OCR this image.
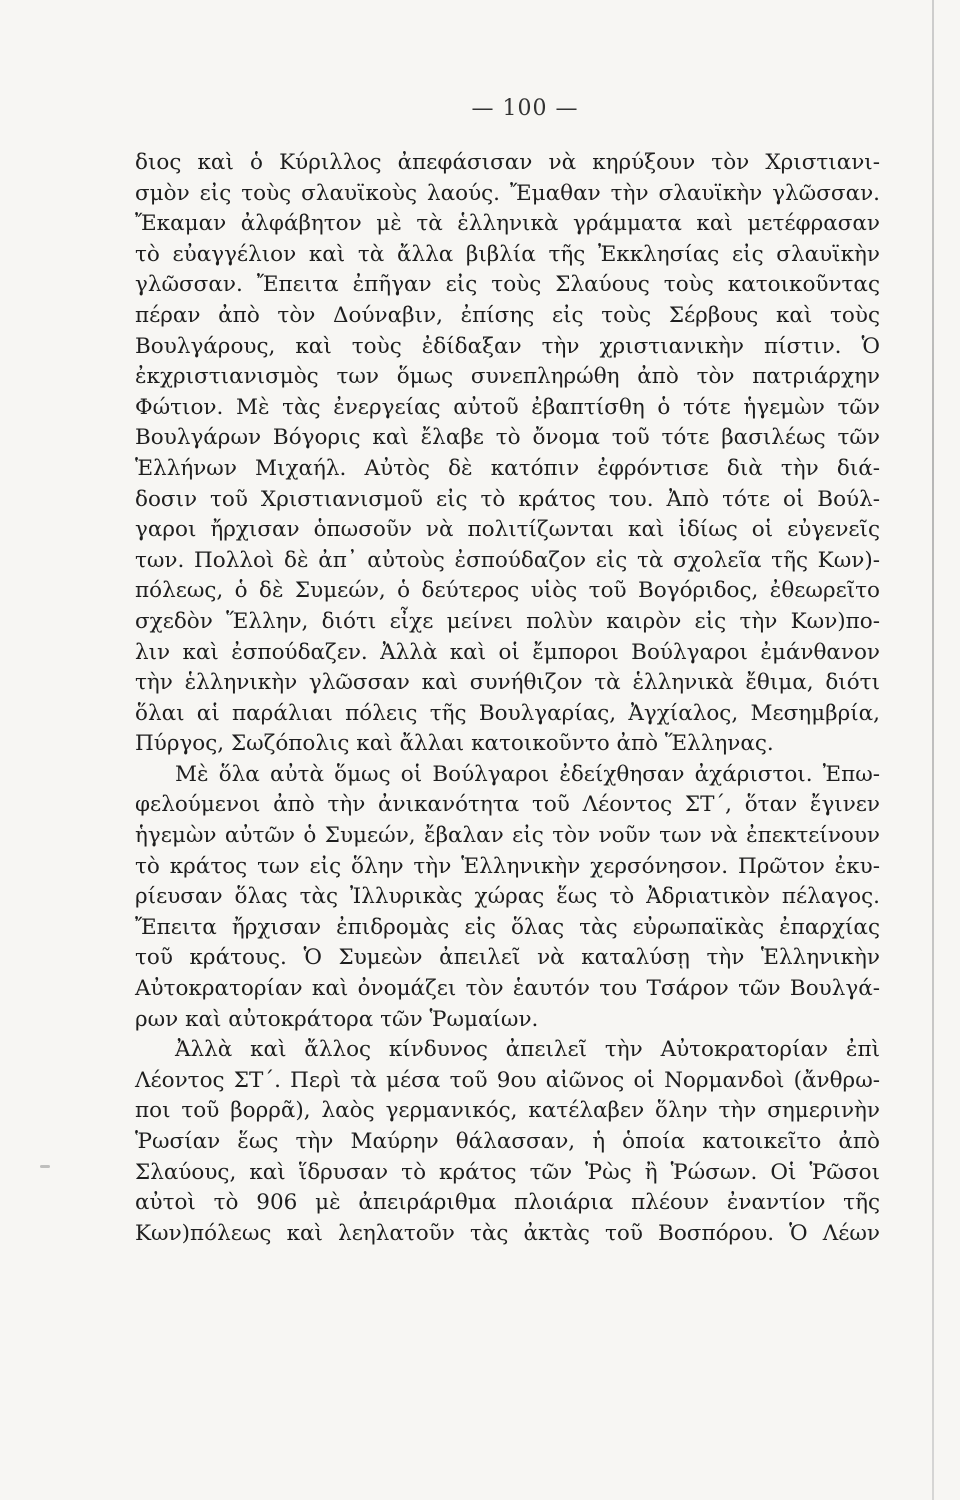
— 100 —
διος καὶ ὁ Κύριλλος ἀπεφάσισαν νὰ κηρύξουν τὸν Χριστιανι-
σμὸν εἰς τοὺς σλαυϊκοὺς λαούς. Ἔμαθαν τὴν σλαυϊκὴν γλῶσσαν.
Ἔκαμαν ἀλφάβητον μὲ τὰ ἑλληνικὰ γράμματα καὶ μετέφρασαν
τὸ εὐαγγέλιον καὶ τὰ ἄλλα βιβλία τῆς Ἐκκλησίας εἰς σλαυϊκὴν
γλῶσσαν. Ἔπειτα ἐπῆγαν εἰς τοὺς Σλαύους τοὺς κατοικοῦντας
πέραν ἀπὸ τὸν Δούναβιν, ἐπίσης εἰς τοὺς Σέρβους καὶ τοὺς
Βουλγάρους, καὶ τοὺς ἐδίδαξαν τὴν χριστιανικὴν πίστιν. Ὁ
ἐκχριστιανισμὸς των ὅμως συνεπληρώθη ἀπὸ τὸν πατριάρχην
Φώτιον. Μὲ τὰς ἐνεργείας αὐτοῦ ἐβαπτίσθη ὁ τότε ἡγεμὼν τῶν
Βουλγάρων Βόγορις καὶ ἔλαβε τὸ ὄνομα τοῦ τότε βασιλέως τῶν
Ἑλλήνων Μιχαήλ. Αὐτὸς δὲ κατόπιν ἐφρόντισε διὰ τὴν διά-
δοσιν τοῦ Χριστιανισμοῦ εἰς τὸ κράτος του. Ἀπὸ τότε οἱ Βούλ-
γαροι ἤρχισαν ὁπωσοῦν νὰ πολιτίζωνται καὶ ἰδίως οἱ εὐγενεῖς
των. Πολλοὶ δὲ ἀπ᾽ αὐτοὺς ἐσπούδαζον εἰς τὰ σχολεῖα τῆς Κων)-
πόλεως, ὁ δὲ Συμεών, ὁ δεύτερος υἱὸς τοῦ Βογόριδος, ἐθεωρεῖτο
σχεδὸν Ἕλλην, διότι εἶχε μείνει πολὺν καιρὸν εἰς τὴν Κων)πο-
λιν καὶ ἐσπούδαζεν. Ἀλλὰ καὶ οἱ ἔμποροι Βούλγαροι ἐμάνθανον
τὴν ἑλληνικὴν γλῶσσαν καὶ συνήθιζον τὰ ἑλληνικὰ ἔθιμα, διότι
ὅλαι αἱ παράλιαι πόλεις τῆς Βουλγαρίας, Ἀγχίαλος, Μεσημβρία,
Πύργος, Σωζόπολις καὶ ἄλλαι κατοικοῦντο ἀπὸ Ἕλληνας.
Μὲ ὅλα αὐτὰ ὅμως οἱ Βούλγαροι ἐδείχθησαν ἀχάριστοι. Ἐπω-
φελούμενοι ἀπὸ τὴν ἀνικανότητα τοῦ Λέοντος ΣΤ΄, ὅταν ἔγινεν
ἡγεμὼν αὐτῶν ὁ Συμεών, ἔβαλαν εἰς τὸν νοῦν των νὰ ἐπεκτείνουν
τὸ κράτος των εἰς ὅλην τὴν Ἑλληνικὴν χερσόνησον. Πρῶτον ἐκυ-
ρίευσαν ὅλας τὰς Ἰλλυρικὰς χώρας ἕως τὸ Ἀδριατικὸν πέλαγος.
Ἔπειτα ἤρχισαν ἐπιδρομὰς εἰς ὅλας τὰς εὐρωπαϊκὰς ἐπαρχίας
τοῦ κράτους. Ὁ Συμεὼν ἀπειλεῖ νὰ καταλύσῃ τὴν Ἑλληνικὴν
Αὐτοκρατορίαν καὶ ὀνομάζει τὸν ἑαυτόν του Τσάρον τῶν Βουλγά-
ρων καὶ αὐτοκράτορα τῶν Ῥωμαίων.
Ἀλλὰ καὶ ἄλλος κίνδυνος ἀπειλεῖ τὴν Αὐτοκρατορίαν ἐπὶ
Λέοντος ΣΤ΄. Περὶ τὰ μέσα τοῦ 9ου αἰῶνος οἱ Νορμανδοὶ (ἄνθρω-
ποι τοῦ βορρᾶ), λαὸς γερμανικός, κατέλαβεν ὅλην τὴν σημερινὴν
Ῥωσίαν ἕως τὴν Μαύρην θάλασσαν, ἡ ὁποία κατοικεῖτο ἀπὸ
Σλαύους, καὶ ἵδρυσαν τὸ κράτος τῶν Ῥὼς ἢ Ῥώσων. Οἱ Ῥῶσοι
αὐτοὶ τὸ 906 μὲ ἀπειράριθμα πλοιάρια πλέουν ἐναντίον τῆς
Κων)πόλεως καὶ λεηλατοῦν τὰς ἀκτὰς τοῦ Βοσπόρου. Ὁ Λέων
